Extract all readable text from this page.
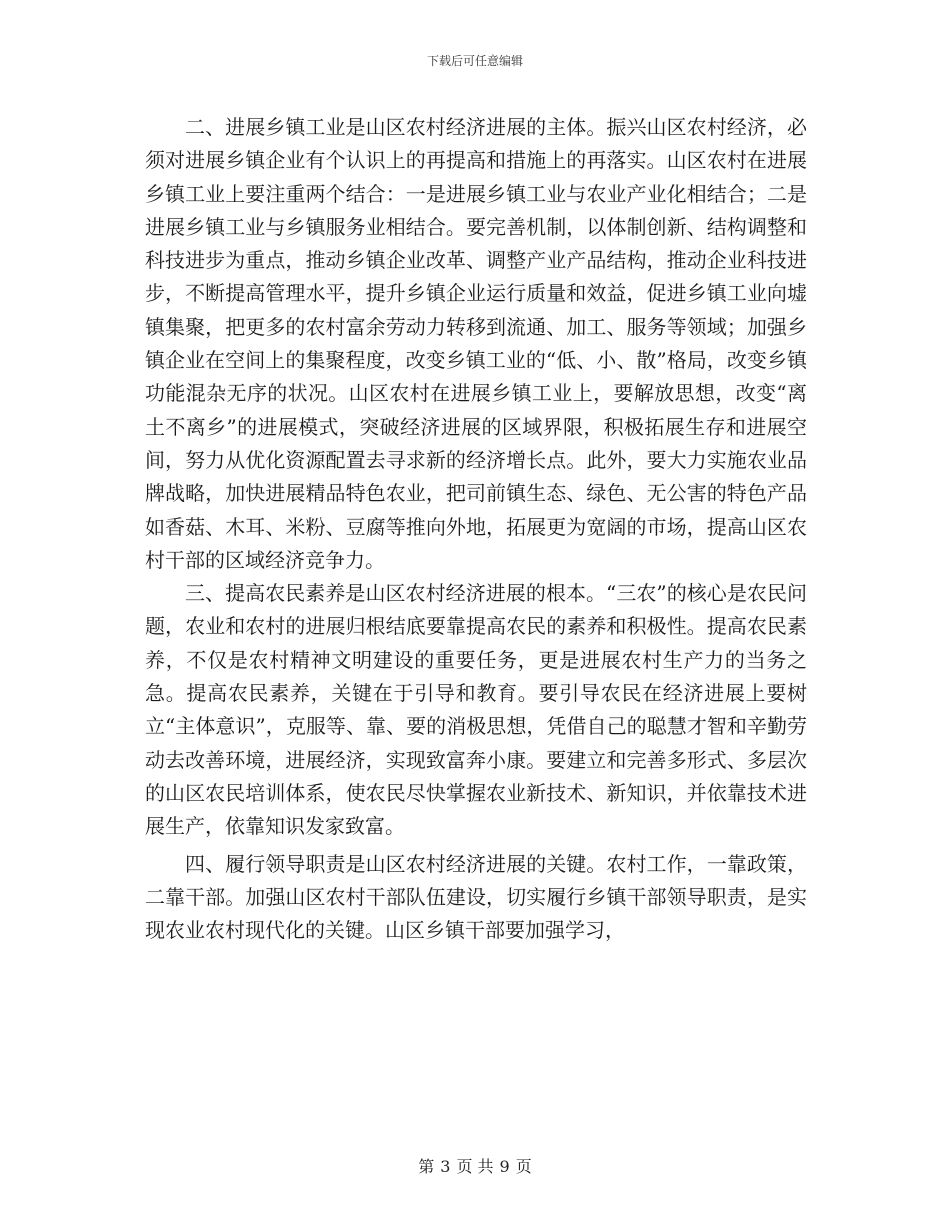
下载后可任意编辑

二、进展乡镇工业是山区农村经济进展的主体。振兴山区农村经济，必须对进展乡镇企业有个认识上的再提高和措施上的再落实。山区农村在进展乡镇工业上要注重两个结合：一是进展乡镇工业与农业产业化相结合；二是进展乡镇工业与乡镇服务业相结合。要完善机制，以体制创新、结构调整和科技进步为重点，推动乡镇企业改革、调整产业产品结构，推动企业科技进步，不断提高管理水平，提升乡镇企业运行质量和效益，促进乡镇工业向墟镇集聚，把更多的农村富余劳动力转移到流通、加工、服务等领域；加强乡镇企业在空间上的集聚程度，改变乡镇工业的“低、小、散”格局，改变乡镇功能混杂无序的状况。山区农村在进展乡镇工业上，要解放思想，改变“离土不离乡”的进展模式，突破经济进展的区域界限，积极拓展生存和进展空间，努力从优化资源配置去寻求新的经济增长点。此外，要大力实施农业品牌战略，加快进展精品特色农业，把司前镇生态、绿色、无公害的特色产品如香菇、木耳、米粉、豆腐等推向外地，拓展更为宽阔的市场，提高山区农村干部的区域经济竞争力。

三、提高农民素养是山区农村经济进展的根本。“三农”的核心是农民问题，农业和农村的进展归根结底要靠提高农民的素养和积极性。提高农民素养，不仅是农村精神文明建设的重要任务，更是进展农村生产力的当务之急。提高农民素养，关键在于引导和教育。要引导农民在经济进展上要树立“主体意识”，克服等、靠、要的消极思想，凭借自己的聪慧才智和辛勤劳动去改善环境，进展经济，实现致富奔小康。要建立和完善多形式、多层次的山区农民培训体系，使农民尽快掌握农业新技术、新知识，并依靠技术进展生产，依靠知识发家致富。

四、履行领导职责是山区农村经济进展的关键。农村工作，一靠政策，二靠干部。加强山区农村干部队伍建设，切实履行乡镇干部领导职责，是实现农业农村现代化的关键。山区乡镇干部要加强学习，

第 3 页 共 9 页
